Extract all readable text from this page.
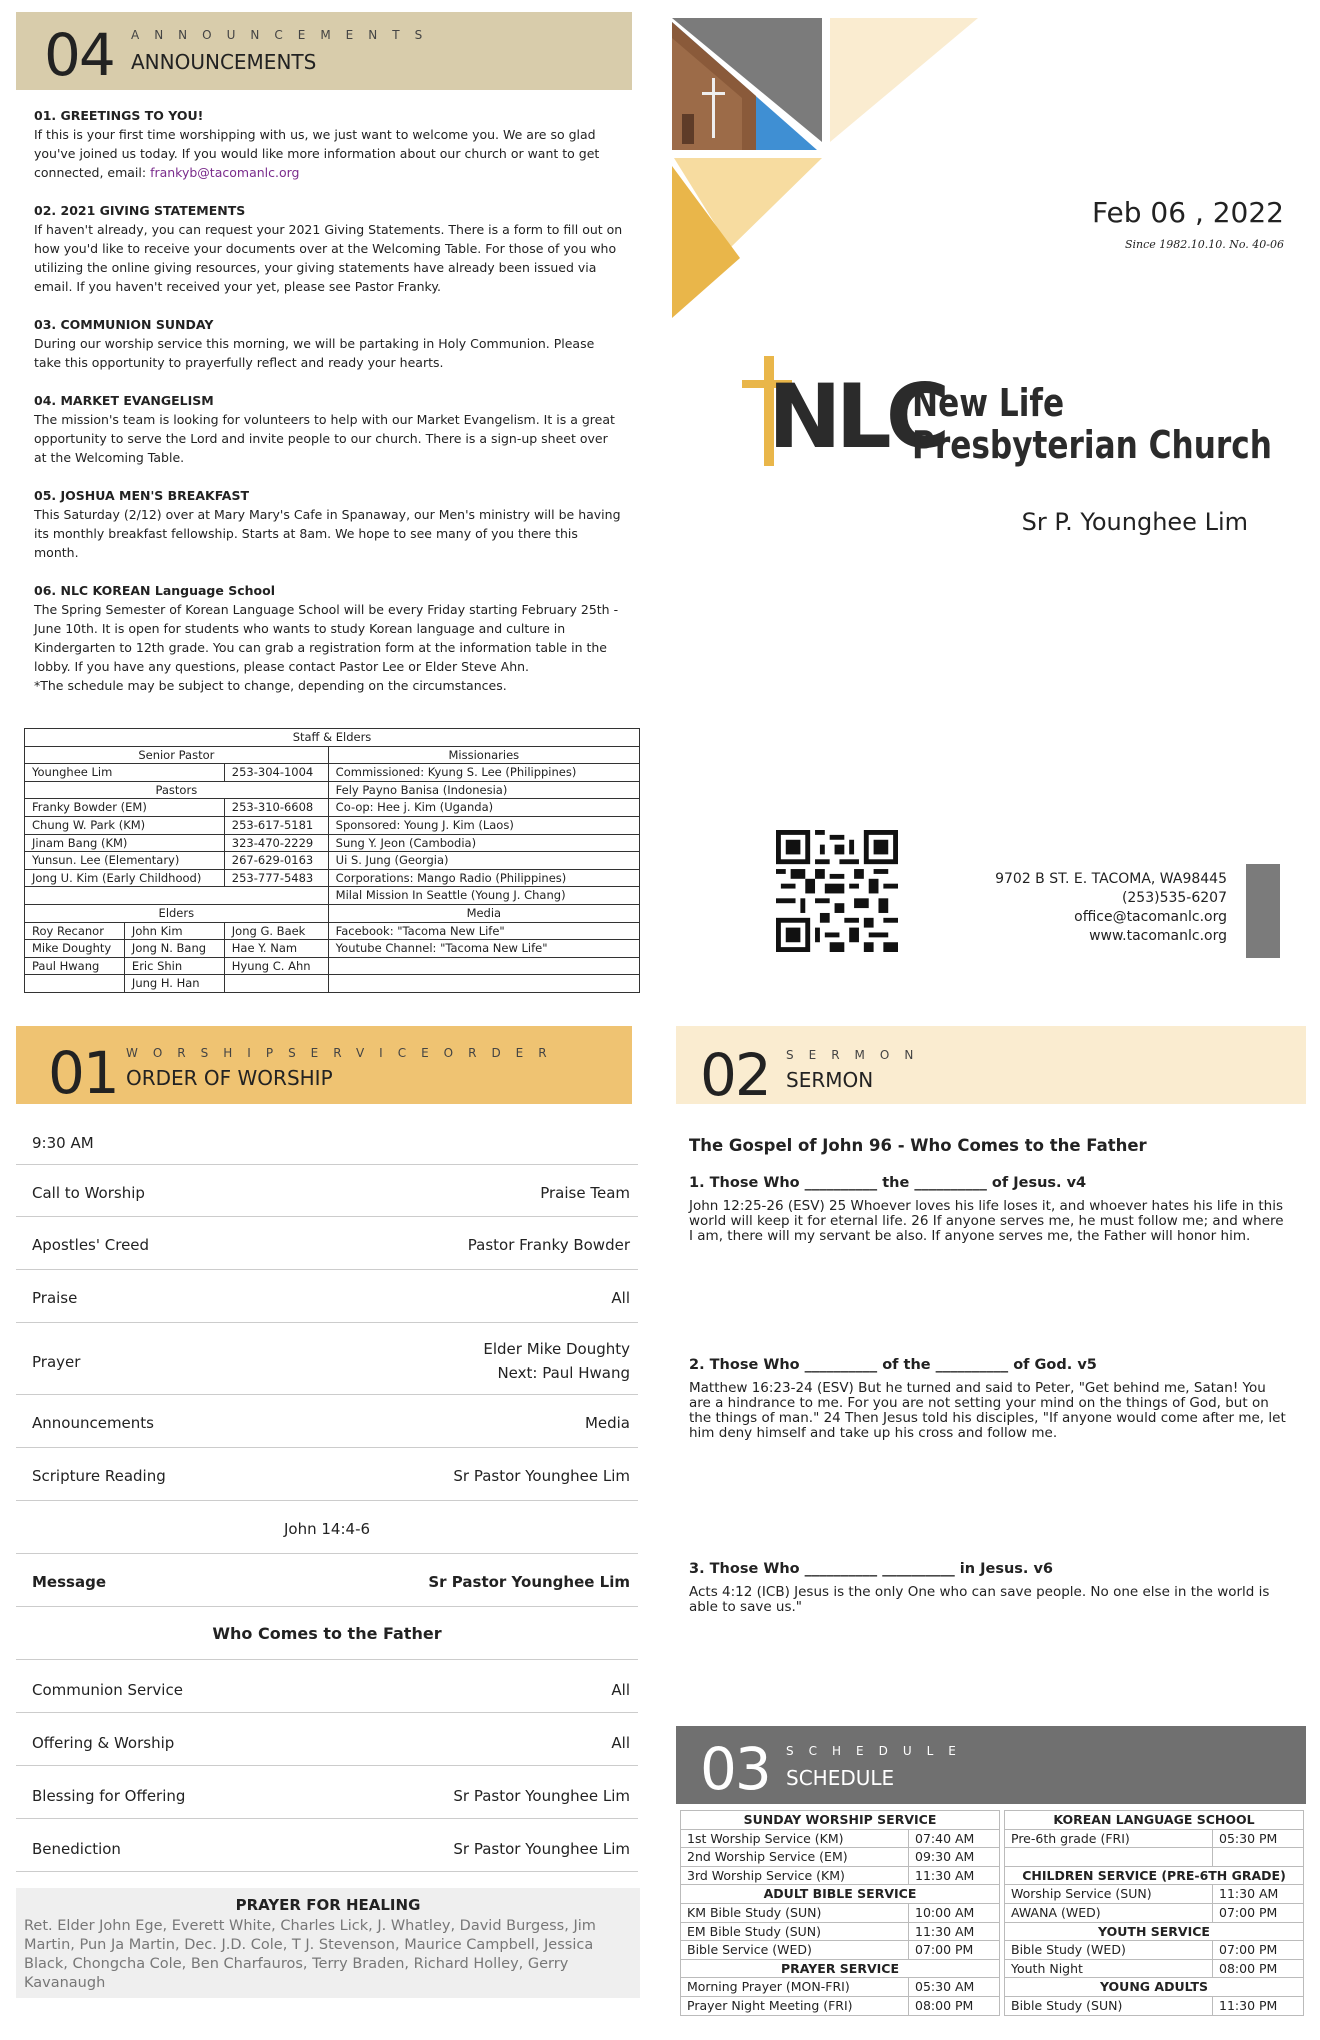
04 ANNOUNCEMENTS
ANNOUNCEMENTS
01. GREETINGS TO YOU!

If this is your first time worshipping with us, we just want to welcome you. We are so glad you've joined us today. If you would like more information about our church or want to get connected, email: frankyb@tacomanlc.org

02. 2021 GIVING STATEMENTS

If haven't already, you can request your 2021 Giving Statements. There is a form to fill out on how you'd like to receive your documents over at the Welcoming Table. For those of you who utilizing the online giving resources, your giving statements have already been issued via email. If you haven't received your yet, please see Pastor Franky.

03. COMMUNION SUNDAY

During our worship service this morning, we will be partaking in Holy Communion. Please take this opportunity to prayerfully reflect and ready your hearts.

04. MARKET EVANGELISM

The mission's team is looking for volunteers to help with our Market Evangelism. It is a great opportunity to serve the Lord and invite people to our church. There is a sign-up sheet over at the Welcoming Table.

05. JOSHUA MEN'S BREAKFAST

This Saturday (2/12) over at Mary Mary's Cafe in Spanaway, our Men's ministry will be having its monthly breakfast fellowship. Starts at 8am. We hope to see many of you there this month.

06. NLC KOREAN Language School

The Spring Semester of Korean Language School will be every Friday starting February 25th - June 10th. It is open for students who wants to study Korean language and culture in Kindergarten to 12th grade. You can grab a registration form at the information table in the lobby. If you have any questions, please contact Pastor Lee or Elder Steve Ahn.

*The schedule may be subject to change, depending on the circumstances.

Staff & Elders			
Senior Pastor			Missionaries
Younghee Lim		253-304-1004	Commissioned: Kyung S. Lee (Philippines)
Pastors			Fely Payno Banisa (Indonesia)
Franky Bowder (EM)		253-310-6608	Co-op: Hee j. Kim (Uganda)
Chung W. Park (KM)		253-617-5181	Sponsored: Young J. Kim (Laos)
Jinam Bang (KM)		323-470-2229	Sung Y. Jeon (Cambodia)
Yunsun. Lee (Elementary)		267-629-0163	Ui S. Jung (Georgia)
Jong U. Kim (Early Childhood)		253-777-5483	Corporations: Mango Radio (Philippines)
			Milal Mission In Seattle (Young J. Chang)
Elders			Media
Roy Recanor	John Kim	Jong G. Baek	Facebook: "Tacoma New Life"
Mike Doughty	Jong N. Bang	Hae Y. Nam	Youtube Channel: "Tacoma New Life"
Paul Hwang	Eric Shin	Hyung C. Ahn	
	Jung H. Han		
Feb 06 , 2022
Since 1982.10.10. No. 40-06
NLC
New Life
Presbyterian Church
Sr P. Younghee Lim
9702 B ST. E. TACOMA, WA98445
(253)535-6207
office@tacomanlc.org
www.tacomanlc.org
01 WORSHIPSERVICEORDER
ORDER OF WORSHIP
9:30 AM
Call to Worship	Praise Team
Apostles' Creed	Pastor Franky Bowder
Praise	All
Prayer
Elder Mike Doughty
Next: Paul Hwang
Announcements	Media
Scripture Reading	Sr Pastor Younghee Lim
John 14:4-6
Message	Sr Pastor Younghee Lim
Who Comes to the Father
Communion Service	All
Offering & Worship	All
Blessing for Offering	Sr Pastor Younghee Lim
Benediction	Sr Pastor Younghee Lim
PRAYER FOR HEALING
Ret. Elder John Ege, Everett White, Charles Lick, J. Whatley, David Burgess, Jim Martin, Pun Ja Martin, Dec. J.D. Cole, T J. Stevenson, Maurice Campbell, Jessica Black, Chongcha Cole, Ben Charfauros, Terry Braden, Richard Holley, Gerry Kavanaugh
02 SERMON
SERMON
The Gospel of John 96 - Who Comes to the Father
1. Those Who __________ the __________ of Jesus. v4
John 12:25-26 (ESV) 25 Whoever loves his life loses it, and whoever hates his life in this world will keep it for eternal life. 26 If anyone serves me, he must follow me; and where I am, there will my servant be also. If anyone serves me, the Father will honor him.
2. Those Who __________ of the __________ of God. v5
Matthew 16:23-24 (ESV) But he turned and said to Peter, "Get behind me, Satan! You are a hindrance to me. For you are not setting your mind on the things of God, but on the things of man." 24 Then Jesus told his disciples, "If anyone would come after me, let him deny himself and take up his cross and follow me.
3. Those Who __________ __________ in Jesus. v6
Acts 4:12 (ICB) Jesus is the only One who can save people. No one else in the world is able to save us."
03 SCHEDULE
SCHEDULE
SUNDAY WORSHIP SERVICE	
1st Worship Service (KM)	07:40 AM
2nd Worship Service (EM)	09:30 AM
3rd Worship Service (KM)	11:30 AM
ADULT BIBLE SERVICE	
KM Bible Study (SUN)	10:00 AM
EM Bible Study (SUN)	11:30 AM
Bible Service (WED)	07:00 PM
PRAYER SERVICE	
Morning Prayer (MON-FRI)	05:30 AM
Prayer Night Meeting (FRI)	08:00 PM
KOREAN LANGUAGE SCHOOL	
Pre-6th grade (FRI)	05:30 PM

CHILDREN SERVICE (PRE-6TH GRADE)	
Worship Service (SUN)	11:30 AM
AWANA (WED)	07:00 PM
YOUTH SERVICE	
Bible Study (WED)	07:00 PM
Youth Night	08:00 PM
YOUNG ADULTS	
Bible Study (SUN)	11:30 PM
